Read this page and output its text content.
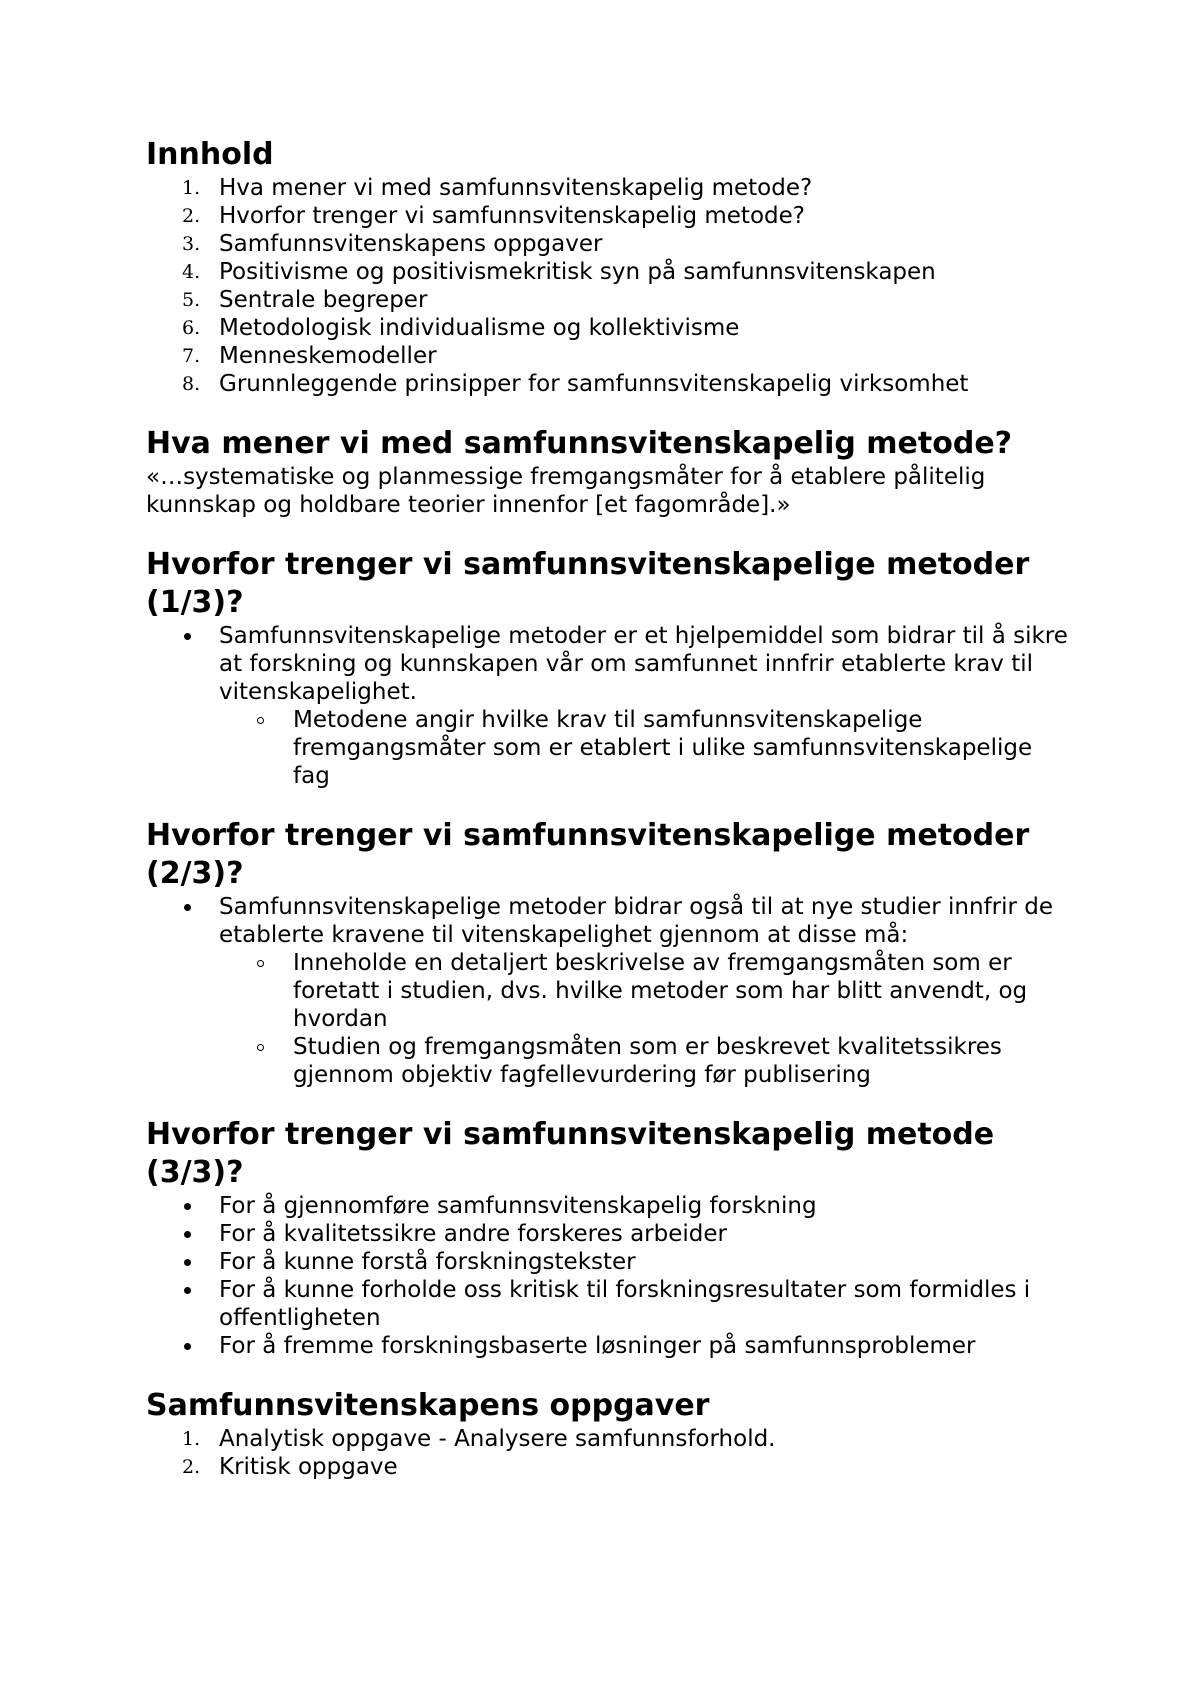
Innhold
1. Hva mener vi med samfunnsvitenskapelig metode?
2. Hvorfor trenger vi samfunnsvitenskapelig metode?
3. Samfunnsvitenskapens oppgaver
4. Positivisme og positivismekritisk syn på samfunnsvitenskapen
5. Sentrale begreper
6. Metodologisk individualisme og kollektivisme
7. Menneskemodeller
8. Grunnleggende prinsipper for samfunnsvitenskapelig virksomhet
Hva mener vi med samfunnsvitenskapelig metode?

«…systematiske og planmessige fremgangsmåter for å etablere pålitelig kunnskap og holdbare teorier innenfor [et fagområde].»

Hvorfor trenger vi samfunnsvitenskapelige metoder (1/3)?
Samfunnsvitenskapelige metoder er et hjelpemiddel som bidrar til å sikre at forskning og kunnskapen vår om samfunnet innfrir etablerte krav til vitenskapelighet.
Metodene angir hvilke krav til samfunnsvitenskapelige fremgangsmåter som er etablert i ulike samfunnsvitenskapelige fag
Hvorfor trenger vi samfunnsvitenskapelige metoder (2/3)?
Samfunnsvitenskapelige metoder bidrar også til at nye studier innfrir de etablerte kravene til vitenskapelighet gjennom at disse må:
Inneholde en detaljert beskrivelse av fremgangsmåten som er foretatt i studien, dvs. hvilke metoder som har blitt anvendt, og hvordan
Studien og fremgangsmåten som er beskrevet kvalitetssikres gjennom objektiv fagfellevurdering før publisering
Hvorfor trenger vi samfunnsvitenskapelig metode (3/3)?
For å gjennomføre samfunnsvitenskapelig forskning
For å kvalitetssikre andre forskeres arbeider
For å kunne forstå forskningstekster
For å kunne forholde oss kritisk til forskningsresultater som formidles i offentligheten
For å fremme forskningsbaserte løsninger på samfunnsproblemer
Samfunnsvitenskapens oppgaver
1. Analytisk oppgave - Analysere samfunnsforhold.
2. Kritisk oppgave
